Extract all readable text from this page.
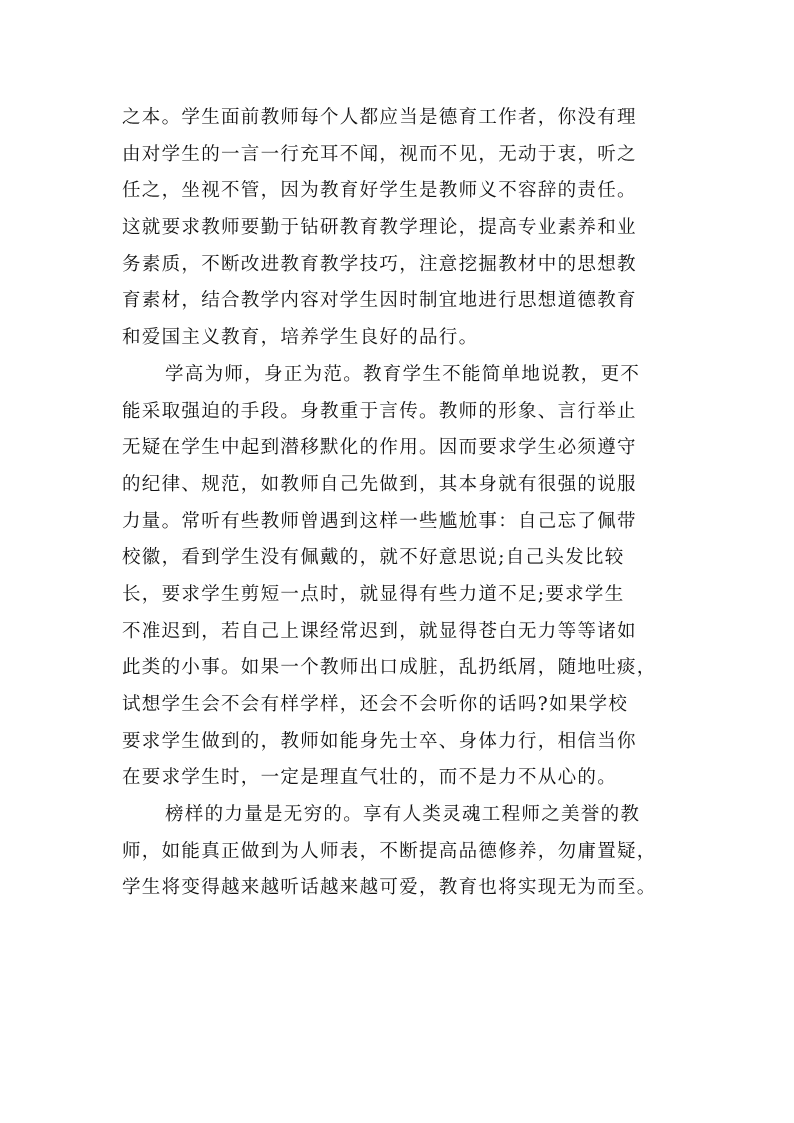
之本。学生面前教师每个人都应当是德育工作者，你没有理
由对学生的一言一行充耳不闻，视而不见，无动于衷，听之
任之，坐视不管，因为教育好学生是教师义不容辞的责任。
这就要求教师要勤于钻研教育教学理论，提高专业素养和业
务素质，不断改进教育教学技巧，注意挖掘教材中的思想教
育素材，结合教学内容对学生因时制宜地进行思想道德教育
和爱国主义教育，培养学生良好的品行。
学高为师，身正为范。教育学生不能简单地说教，更不
能采取强迫的手段。身教重于言传。教师的形象、言行举止
无疑在学生中起到潜移默化的作用。因而要求学生必须遵守
的纪律、规范，如教师自己先做到，其本身就有很强的说服
力量。常听有些教师曾遇到这样一些尴尬事：自己忘了佩带
校徽，看到学生没有佩戴的，就不好意思说;自己头发比较
长，要求学生剪短一点时，就显得有些力道不足;要求学生
不准迟到，若自己上课经常迟到，就显得苍白无力等等诸如
此类的小事。如果一个教师出口成脏，乱扔纸屑，随地吐痰，
试想学生会不会有样学样，还会不会听你的话吗?如果学校
要求学生做到的，教师如能身先士卒、身体力行，相信当你
在要求学生时，一定是理直气壮的，而不是力不从心的。
榜样的力量是无穷的。享有人类灵魂工程师之美誉的教
师，如能真正做到为人师表，不断提高品德修养，勿庸置疑，
学生将变得越来越听话越来越可爱，教育也将实现无为而至。
